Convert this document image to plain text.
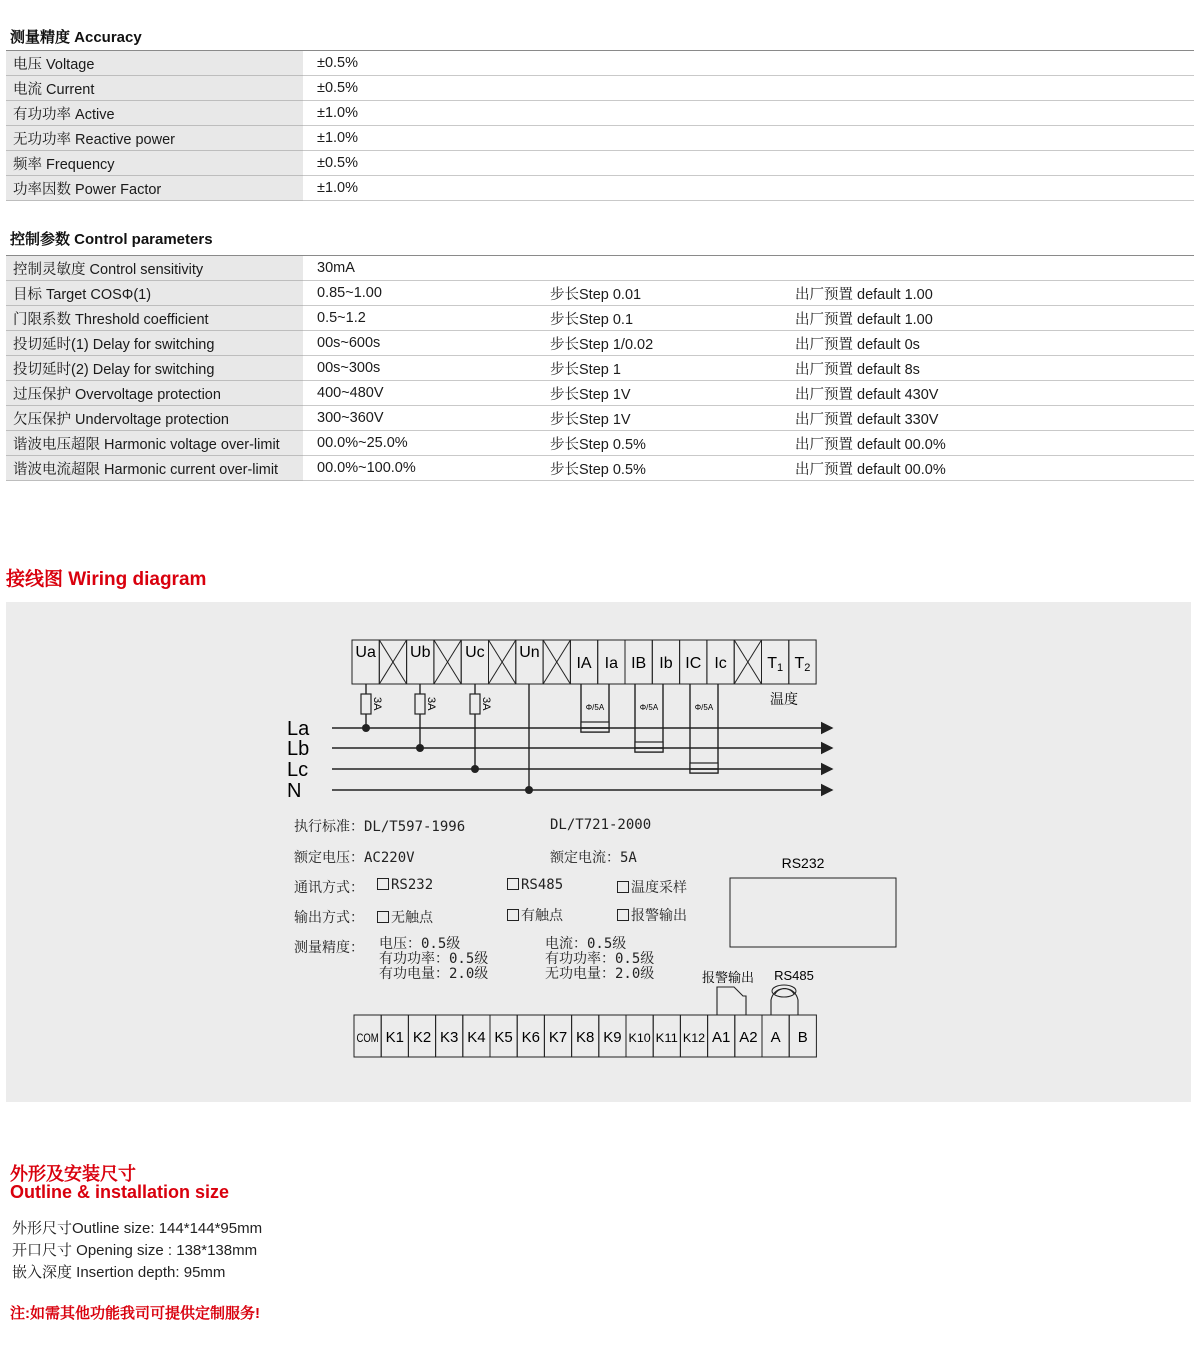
测量精度 Accuracy
电压 Voltage	±0.5%	
电流 Current	±0.5%	
有功功率 Active	±1.0%	
无功功率 Reactive power	±1.0%	
频率 Frequency	±0.5%	
功率因数 Power Factor	±1.0%	
控制参数 Control parameters
控制灵敏度 Control sensitivity	30mA		
目标 Target COSΦ(1)	0.85~1.00	步长Step 0.01	出厂预置 default 1.00
门限系数 Threshold coefficient	0.5~1.2	步长Step 0.1	出厂预置 default 1.00
投切延时(1) Delay for switching	00s~600s	步长Step 1/0.02	出厂预置 default 0s
投切延时(2) Delay for switching	00s~300s	步长Step 1	出厂预置 default 8s
过压保护 Overvoltage protection	400~480V	步长Step 1V	出厂预置 default 430V
欠压保护 Undervoltage protection	300~360V	步长Step 1V	出厂预置 default 330V
谐波电压超限 Harmonic voltage over-limit	00.0%~25.0%	步长Step 0.5%	出厂预置 default 00.0%
谐波电流超限 Harmonic current over-limit	00.0%~100.0%	步长Step 0.5%	出厂预置 default 00.0%
接线图 Wiring diagram
Ua Ub Uc Un
IA Ia IB Ib IC Ic	T1 T2
温度
3A	3A	3A	Φ/5A	Φ/5A	Φ/5A
La
Lb
Lc
N
RS232
报警输出 RS485
COM K1 K2 K3 K4 K5 K6 K7 K8 K9 K10 K11 K12 A1 A2 A B
执行标准：DL/T597-1996	DL/T721-2000
额定电压：AC220V	额定电流：5A
通讯方式：	RS232	RS485	温度采样
输出方式：	无触点	有触点	报警输出
测量精度： 电压：0.5级
有功功率：0.5级
有功电量：2.0级
电流：0.5级
有功功率：0.5级
无功电量：2.0级
外形及安装尺寸
Outline & installation size
外形尺寸Outline size: 144*144*95mm
开口尺寸 Opening size : 138*138mm
嵌入深度 Insertion depth: 95mm
注:如需其他功能我司可提供定制服务!
